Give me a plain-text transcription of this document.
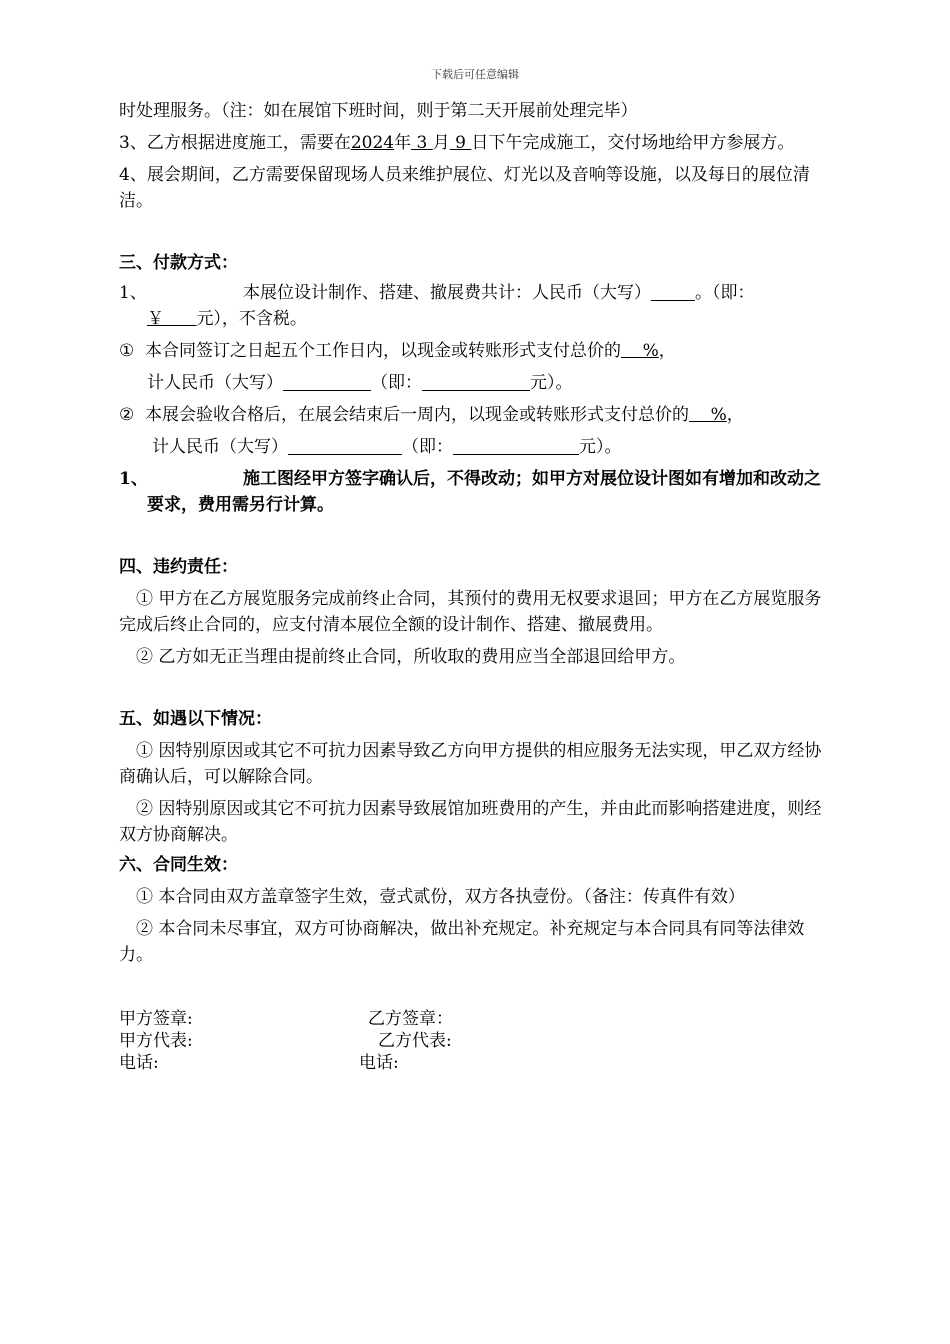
下载后可任意编辑

时处理服务。（注：如在展馆下班时间，则于第二天开展前处理完毕）

3、乙方根据进度施工，需要在2024年 3 月 9 日下午完成施工，交付场地给甲方参展方。

4、展会期间，乙方需要保留现场人员来维护展位、灯光以及音响等设施，以及每日的展位清洁。

三、付款方式：

1、	本展位设计制作、搭建、撤展费共计：人民币（大写）	。（即：

￥ 元），不含税。

① 本合同签订之日起五个工作日内，以现金或转账形式支付总价的 %，

计人民币（大写）	（即：	元）。

② 本展会验收合格后，在展会结束后一周内，以现金或转账形式支付总价的 %，

计人民币（大写）	（即：	元）。

1、	施工图经甲方签字确认后，不得改动；如甲方对展位设计图如有增加和改动之要求，费用需另行计算。

四、违约责任：

① 甲方在乙方展览服务完成前终止合同，其预付的费用无权要求退回；甲方在乙方展览服务完成后终止合同的，应支付清本展位全额的设计制作、搭建、撤展费用。

② 乙方如无正当理由提前终止合同，所收取的费用应当全部退回给甲方。

五、如遇以下情况：

① 因特别原因或其它不可抗力因素导致乙方向甲方提供的相应服务无法实现，甲乙双方经协商确认后，可以解除合同。

② 因特别原因或其它不可抗力因素导致展馆加班费用的产生，并由此而影响搭建进度，则经双方协商解决。

六、合同生效：

① 本合同由双方盖章签字生效，壹式贰份，双方各执壹份。（备注：传真件有效）

② 本合同未尽事宜，双方可协商解决，做出补充规定。补充规定与本合同具有同等法律效力。

甲方签章:	乙方签章：
甲方代表:	乙方代表:
电话:	电话:
